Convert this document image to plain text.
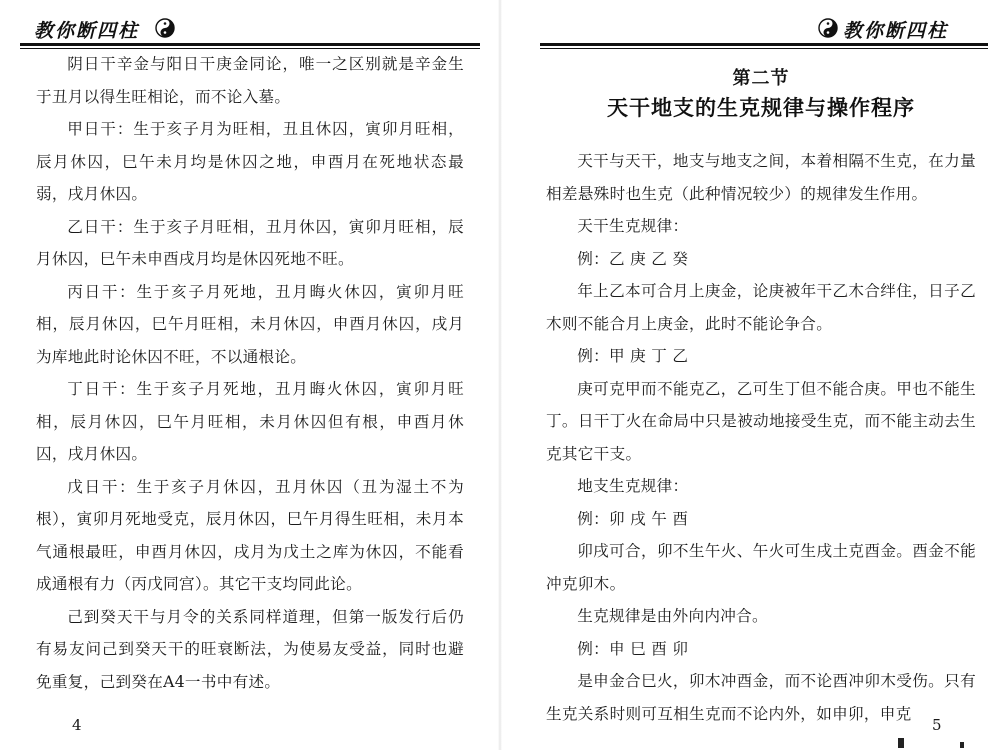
教你断四柱

阴日干辛金与阳日干庚金同论，唯一之区别就是辛金生于丑月以得生旺相论，而不论入墓。

甲日干：生于亥子月为旺相，丑且休囚，寅卯月旺相，辰月休囚，巳午未月均是休囚之地，申酉月在死地状态最弱，戌月休囚。

乙日干：生于亥子月旺相，丑月休囚，寅卯月旺相，辰月休囚，巳午未申酉戌月均是休囚死地不旺。

丙日干：生于亥子月死地，丑月晦火休囚，寅卯月旺相，辰月休囚，巳午月旺相，未月休囚，申酉月休囚，戌月为库地此时论休囚不旺，不以通根论。

丁日干：生于亥子月死地，丑月晦火休囚，寅卯月旺相，辰月休囚，巳午月旺相，未月休囚但有根，申酉月休囚，戌月休囚。

戊日干：生于亥子月休囚，丑月休囚（丑为湿土不为根），寅卯月死地受克，辰月休囚，巳午月得生旺相，未月本气通根最旺，申酉月休囚，戌月为戊土之库为休囚，不能看成通根有力（丙戊同宫）。其它干支均同此论。

己到癸天干与月令的关系同样道理，但第一版发行后仍有易友问己到癸天干的旺衰断法，为使易友受益，同时也避免重复，己到癸在A4一书中有述。

4
教你断四柱
第二节
天干地支的生克规律与操作程序

天干与天干，地支与地支之间，本着相隔不生克，在力量相差悬殊时也生克（此种情况较少）的规律发生作用。

天干生克规律：

例：乙 庚 乙 癸

年上乙本可合月上庚金，论庚被年干乙木合绊住，日子乙木则不能合月上庚金，此时不能论争合。

例：甲 庚 丁 乙

庚可克甲而不能克乙，乙可生丁但不能合庚。甲也不能生丁。日干丁火在命局中只是被动地接受生克，而不能主动去生克其它干支。

地支生克规律：

例：卯 戌 午 酉

卯戌可合，卯不生午火、午火可生戌土克酉金。酉金不能冲克卯木。

生克规律是由外向内冲合。

例：申 巳 酉 卯

是申金合巳火，卯木冲酉金，而不论酉冲卯木受伤。只有生克关系时则可互相生克而不论内外，如申卯，申克

5
